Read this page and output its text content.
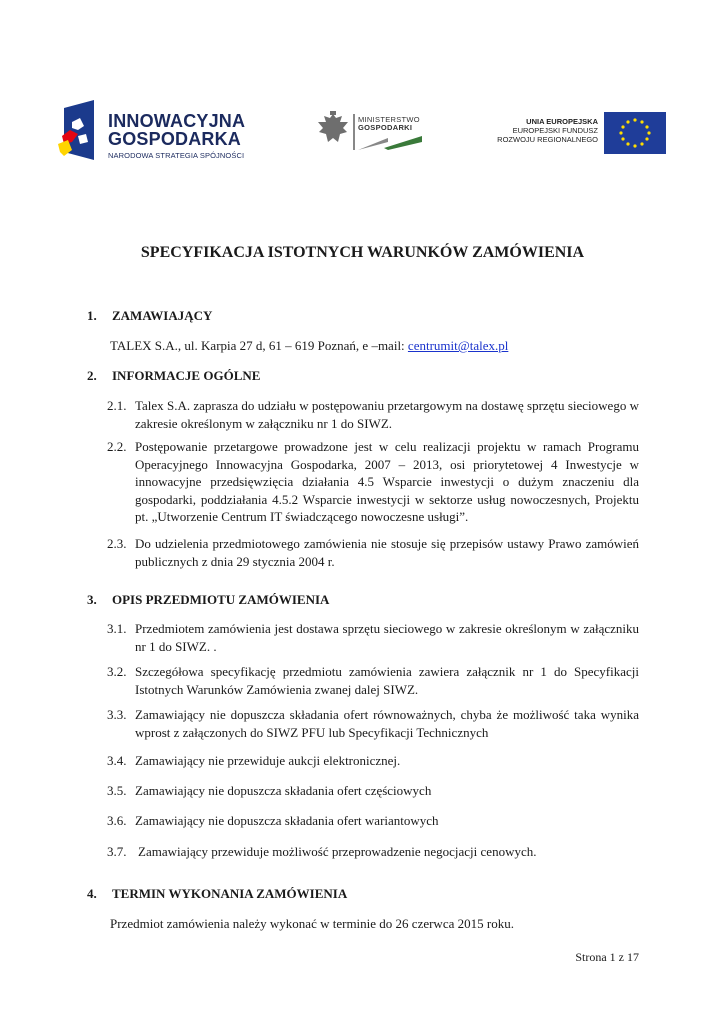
INNOWACYJNA
GOSPODARKA
NARODOWA STRATEGIA SPÓJNOŚCI
MINISTERSTWO
GOSPODARKI
UNIA EUROPEJSKA
EUROPEJSKI FUNDUSZ
ROZWOJU REGIONALNEGO
SPECYFIKACJA ISTOTNYCH WARUNKÓW ZAMÓWIENIA
1. ZAMAWIAJĄCY
TALEX S.A., ul. Karpia 27 d, 61 – 619 Poznań, e –mail: centrumit@talex.pl
2. INFORMACJE OGÓLNE
2.1. Talex S.A. zaprasza do udziału w postępowaniu przetargowym na dostawę sprzętu sieciowego w zakresie określonym w załączniku nr 1 do SIWZ.
2.2. Postępowanie przetargowe prowadzone jest w celu realizacji projektu w ramach Programu Operacyjnego Innowacyjna Gospodarka, 2007 – 2013, osi priorytetowej 4 Inwestycje w innowacyjne przedsięwzięcia działania 4.5 Wsparcie inwestycji o dużym znaczeniu dla gospodarki, poddziałania 4.5.2 Wsparcie inwestycji w sektorze usług nowoczesnych, Projektu pt. „Utworzenie Centrum IT świadczącego nowoczesne usługi”.
2.3. Do udzielenia przedmiotowego zamówienia nie stosuje się przepisów ustawy Prawo zamówień publicznych z dnia 29 stycznia 2004 r.
3. OPIS PRZEDMIOTU ZAMÓWIENIA
3.1. Przedmiotem zamówienia jest dostawa sprzętu sieciowego w zakresie określonym w załączniku nr 1 do SIWZ. .
3.2. Szczegółowa specyfikację przedmiotu zamówienia zawiera załącznik nr 1 do Specyfikacji Istotnych Warunków Zamówienia zwanej dalej SIWZ.
3.3. Zamawiający nie dopuszcza składania ofert równoważnych, chyba że możliwość taka wynika wprost z załączonych do SIWZ PFU lub Specyfikacji Technicznych
3.4. Zamawiający nie przewiduje aukcji elektronicznej.
3.5. Zamawiający nie dopuszcza składania ofert częściowych
3.6. Zamawiający nie dopuszcza składania ofert wariantowych
3.7. Zamawiający przewiduje możliwość przeprowadzenie negocjacji cenowych.
4. TERMIN WYKONANIA ZAMÓWIENIA
Przedmiot zamówienia należy wykonać w terminie do 26 czerwca 2015 roku.
Strona 1 z 17
